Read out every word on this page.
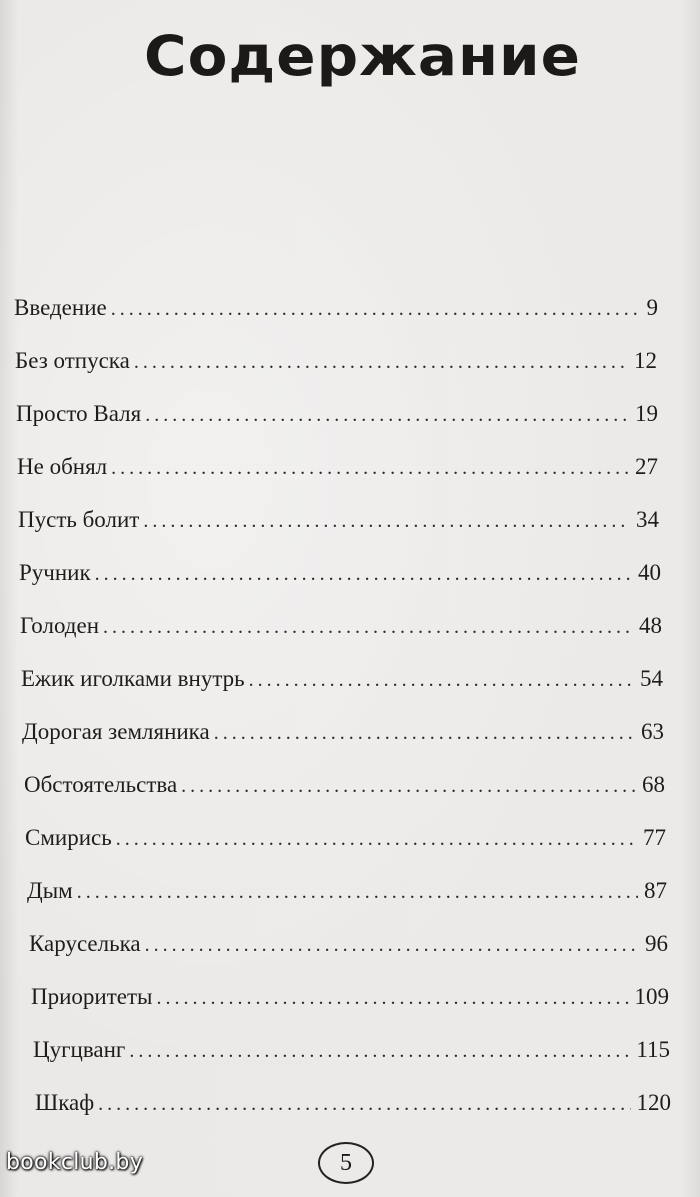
Содержание
Введение .....	9
Без отпуска .....	12
Просто Валя .....	19
Не обнял .....	27
Пусть болит .....	34
Ручник .....	40
Голоден .....	48
Ежик иголками внутрь .....	54
Дорогая земляника .....	63
Обстоятельства .....	68
Смирись .....	77
Дым .....	87
Каруселька .....	96
Приоритеты .....	109
Цугцванг .....	115
Шкаф .....	120
5
bookclub.by
